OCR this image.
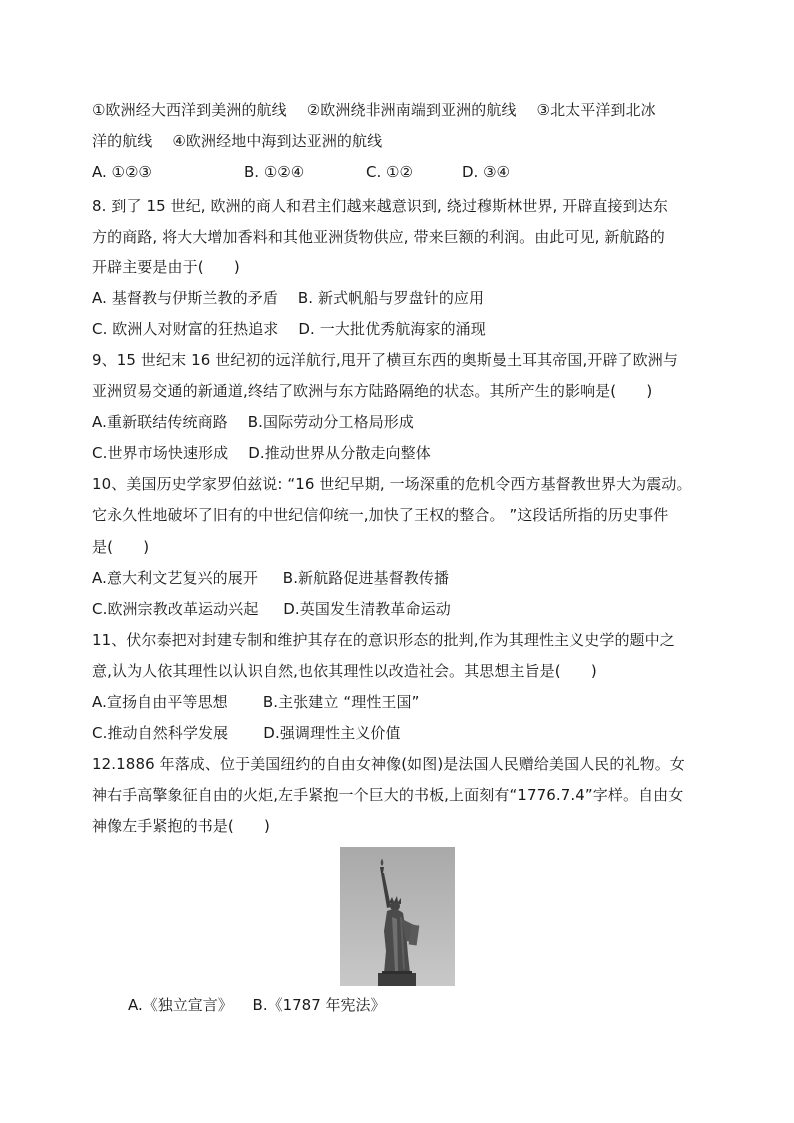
①欧洲经大西洋到美洲的航线 　②欧洲绕非洲南端到亚洲的航线 　③北太平洋到北冰
洋的航线 　④欧洲经地中海到达亚洲的航线
A. ①②③	B. ①②④	C. ①②	D. ③④
8. 到了 15 世纪, 欧洲的商人和君主们越来越意识到, 绕过穆斯林世界, 开辟直接到达东
方的商路, 将大大增加香料和其他亚洲货物供应, 带来巨额的利润。由此可见, 新航路的
开辟主要是由于(　　)
A. 基督教与伊斯兰教的矛盾 　B. 新式帆船与罗盘针的应用
C. 欧洲人对财富的狂热追求 　D. 一大批优秀航海家的涌现
9、15 世纪末 16 世纪初的远洋航行,甩开了横亘东西的奥斯曼土耳其帝国,开辟了欧洲与
亚洲贸易交通的新通道,终结了欧洲与东方陆路隔绝的状态。其所产生的影响是(　　)
A.重新联结传统商路 　B.国际劳动分工格局形成
C.世界市场快速形成 　D.推动世界从分散走向整体
10、美国历史学家罗伯兹说: “16 世纪早期, 一场深重的危机令西方基督教世界大为震动。
它永久性地破坏了旧有的中世纪信仰统一,加快了王权的整合。 ”这段话所指的历史事件
是(　　)
A.意大利文艺复兴的展开 　 B.新航路促进基督教传播
C.欧洲宗教改革运动兴起 　 D.英国发生清教革命运动
11、伏尔泰把对封建专制和维护其存在的意识形态的批判,作为其理性主义史学的题中之
意,认为人依其理性以认识自然,也依其理性以改造社会。其思想主旨是(　　)
A.宣扬自由平等思想 　　B.主张建立 “理性王国”
C.推动自然科学发展 　　D.强调理性主义价值
12.1886 年落成、位于美国纽约的自由女神像(如图)是法国人民赠给美国人民的礼物。女
神右手高擎象征自由的火炬,左手紧抱一个巨大的书板,上面刻有“1776.7.4”字样。自由女
神像左手紧抱的书是(　　)
A.《独立宣言》 　B.《1787 年宪法》
